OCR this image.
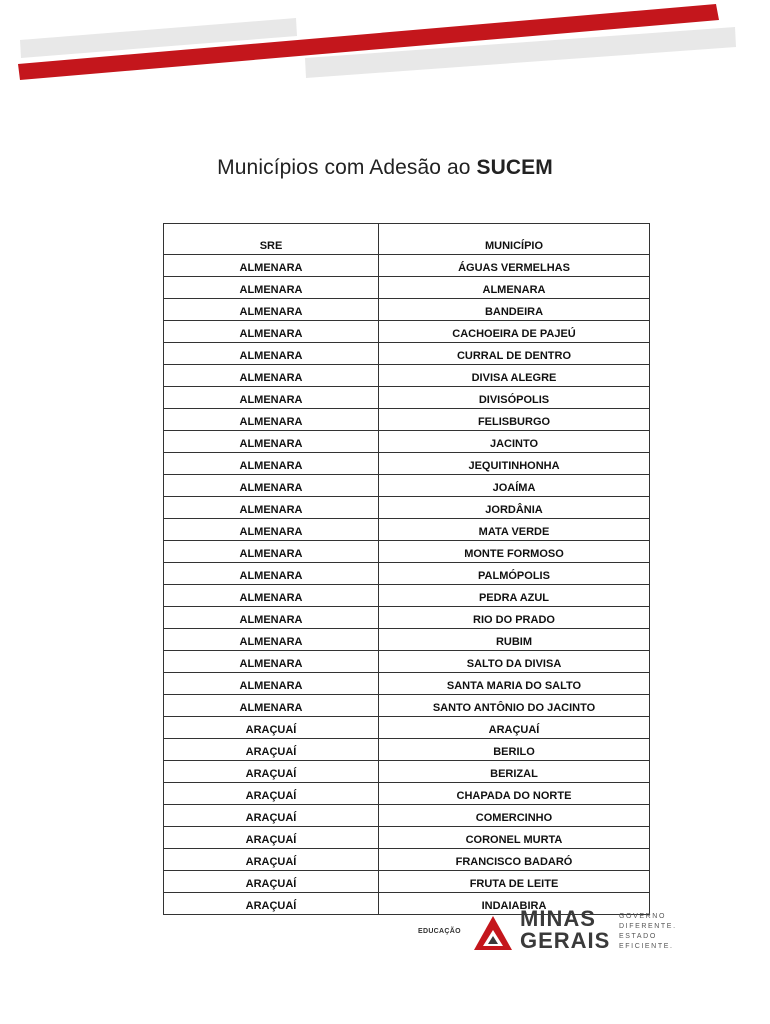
Municípios com Adesão ao SUCEM
SRE	MUNICÍPIO
ALMENARA	ÁGUAS VERMELHAS
ALMENARA	ALMENARA
ALMENARA	BANDEIRA
ALMENARA	CACHOEIRA DE PAJEÚ
ALMENARA	CURRAL DE DENTRO
ALMENARA	DIVISA ALEGRE
ALMENARA	DIVISÓPOLIS
ALMENARA	FELISBURGO
ALMENARA	JACINTO
ALMENARA	JEQUITINHONHA
ALMENARA	JOAÍMA
ALMENARA	JORDÂNIA
ALMENARA	MATA VERDE
ALMENARA	MONTE FORMOSO
ALMENARA	PALMÓPOLIS
ALMENARA	PEDRA AZUL
ALMENARA	RIO DO PRADO
ALMENARA	RUBIM
ALMENARA	SALTO DA DIVISA
ALMENARA	SANTA MARIA DO SALTO
ALMENARA	SANTO ANTÔNIO DO JACINTO
ARAÇUAÍ	ARAÇUAÍ
ARAÇUAÍ	BERILO
ARAÇUAÍ	BERIZAL
ARAÇUAÍ	CHAPADA DO NORTE
ARAÇUAÍ	COMERCINHO
ARAÇUAÍ	CORONEL MURTA
ARAÇUAÍ	FRANCISCO BADARÓ
ARAÇUAÍ	FRUTA DE LEITE
ARAÇUAÍ	INDAIABIRA
EDUCAÇÃO
MINAS
GERAIS
GOVERNO
DIFERENTE.
ESTADO
EFICIENTE.
